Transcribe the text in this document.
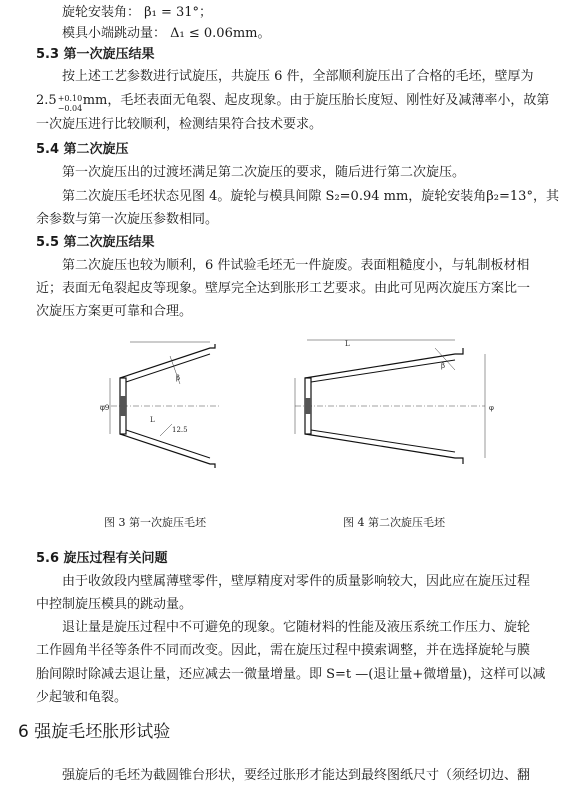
旋轮安装角： β₁ = 31°；
模具小端跳动量： Δ₁ ≤ 0.06mm。
5.3 第一次旋压结果
按上述工艺参数进行试旋压，共旋压 6 件，全部顺利旋压出了合格的毛坯，壁厚为
2.5 +0.10
−0.04 mm，毛坯表面无龟裂、起皮现象。由于旋压胎长度短、刚性好及减薄率小，故第
一次旋压进行比较顺利，检测结果符合技术要求。
5.4 第二次旋压
第一次旋压出的过渡坯满足第二次旋压的要求，随后进行第二次旋压。
第二次旋压毛坯状态见图 4。旋轮与模具间隙 S₂=0.94 mm，旋轮安装角β₂=13°，其
余参数与第一次旋压参数相同。
5.5 第二次旋压结果
第二次旋压也较为顺利，6 件试验毛坯无一件旋废。表面粗糙度小，与轧制板材相
近；表面无龟裂起皮等现象。壁厚完全达到胀形工艺要求。由此可见两次旋压方案比一
次旋压方案更可靠和合理。
φ9
β
12.5
L
β
φ
L
图 3 第一次旋压毛坯	图 4 第二次旋压毛坯
5.6 旋压过程有关问题
由于收敛段内壁属薄壁零件，壁厚精度对零件的质量影响较大，因此应在旋压过程
中控制旋压模具的跳动量。
退让量是旋压过程中不可避免的现象。它随材料的性能及液压系统工作压力、旋轮
工作圆角半径等条件不同而改变。因此，需在旋压过程中摸索调整，并在选择旋轮与膜
胎间隙时除减去退让量，还应减去一微量增量。即 S=t —(退让量+微增量)，这样可以减
少起皱和龟裂。
6 强旋毛坯胀形试验
强旋后的毛坯为截圆锥台形状，要经过胀形才能达到最终图纸尺寸（须经切边、翻
